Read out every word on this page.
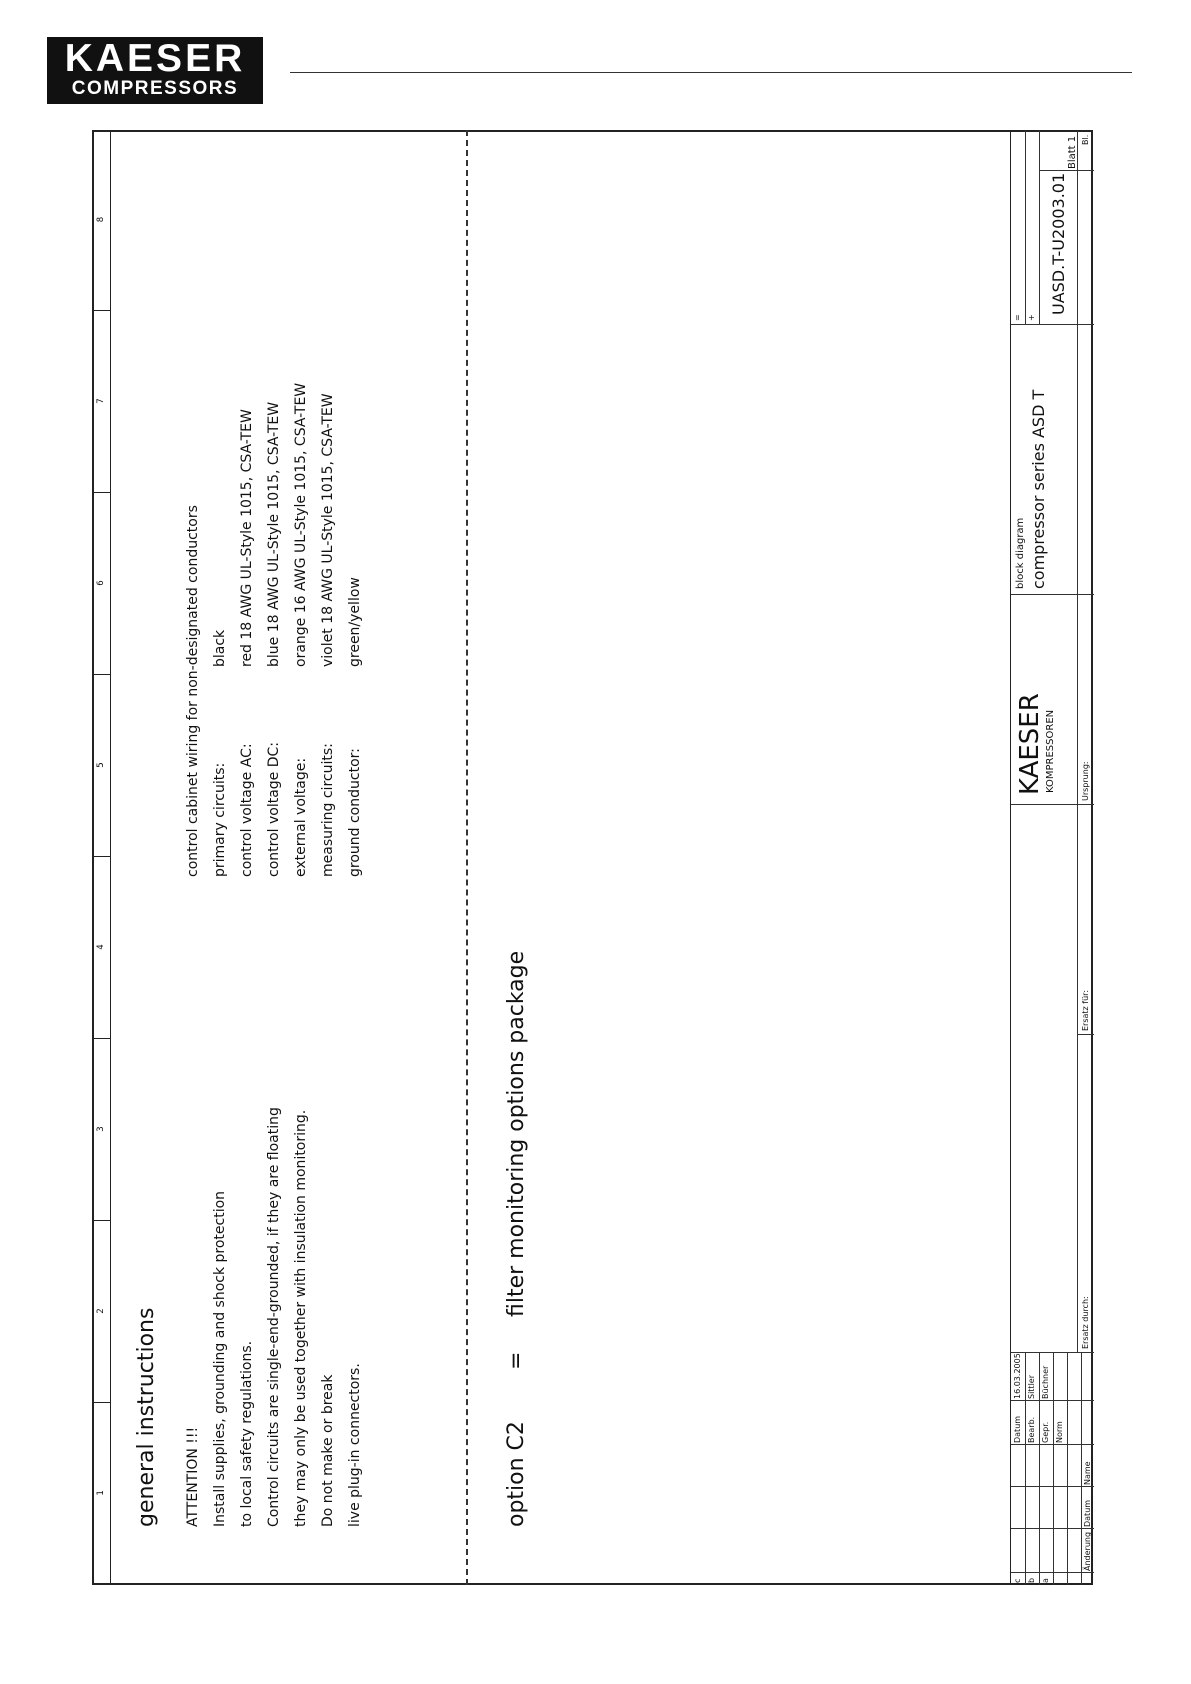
KAESER
COMPRESSORS
1
2
3
4
5
6
7
8
general instructions	ATTENTION !!! Install supplies, grounding and shock protection to local safety regulations. Control circuits are single-end-grounded, if they are floating they may only be used together with insulation monitoring. Do not make or break live plug-in connectors.
control cabinet wiring for non-designated conductors primary circuits: control voltage AC: control voltage DC: external voltage: measuring circuits: ground conductor:
black red 18 AWG UL-Style 1015, CSA-TEW blue 18 AWG UL-Style 1015, CSA-TEW orange 16 AWG UL-Style 1015, CSA-TEW violet 18 AWG UL-Style 1015, CSA-TEW green/yellow
option C2
=
filter monitoring options package
c b a
Änderung
Datum
Name
Datum
16.03.2005
Bearb.
Sittler
Gepr.
Büchner
Norm
Ersatz durch:
Ersatz für:
Ursprung:
KAESER KOMPRESSOREN
block diagram compressor series ASD T
= +
UASD.T-U2003.01
Blatt 1 Bl.
